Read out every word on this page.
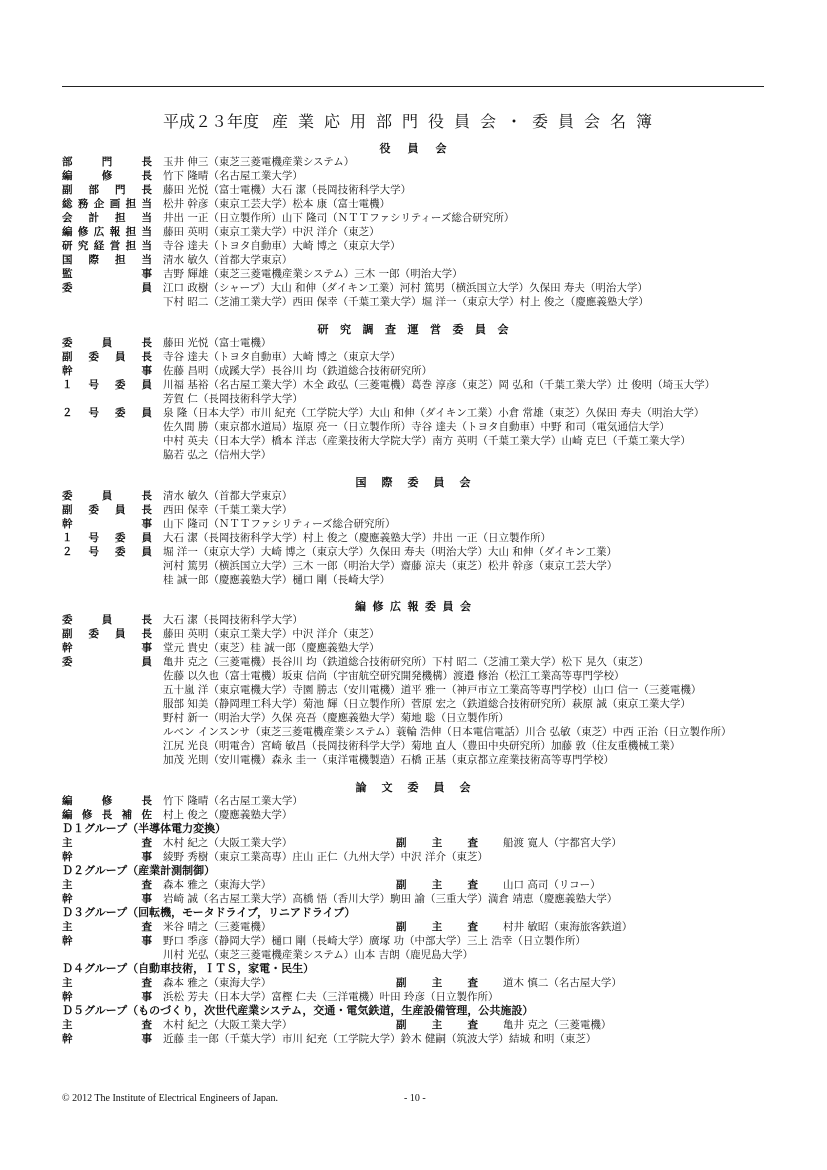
平成２３年度 産業応用部門役員会・委員会名簿
役員会
部門長 玉井 伸三（東芝三菱電機産業システム）
編修長 竹下 隆晴（名古屋工業大学）
副部門長 藤田 光悦（富士電機）大石 潔（長岡技術科学大学）
総務企画担当 松井 幹彦（東京工芸大学）松本 康（富士電機）
会計担当 井出 一正（日立製作所）山下 隆司（ＮＴＴファシリティーズ総合研究所）
編修広報担当 藤田 英明（東京工業大学）中沢 洋介（東芝）
研究経営担当 寺谷 達夫（トヨタ自動車）大崎 博之（東京大学）
国際担当 清水 敏久（首都大学東京）
監事 吉野 輝雄（東芝三菱電機産業システム）三木 一郎（明治大学）
委員 江口 政樹（シャープ）大山 和伸（ダイキン工業）河村 篤男（横浜国立大学）久保田 寿夫（明治大学）
下村 昭二（芝浦工業大学）西田 保幸（千葉工業大学）堀 洋一（東京大学）村上 俊之（慶應義塾大学）
研究調査運営委員会
委員長 藤田 光悦（富士電機）
副委員長 寺谷 達夫（トヨタ自動車）大崎 博之（東京大学）
幹事 佐藤 昌明（成蹊大学）長谷川 均（鉄道総合技術研究所）
１号委員 川福 基裕（名古屋工業大学）木全 政弘（三菱電機）葛巻 淳彦（東芝）岡 弘和（千葉工業大学）辻 俊明（埼玉大学）
芳賀 仁（長岡技術科学大学）
２号委員 泉 隆（日本大学）市川 紀充（工学院大学）大山 和伸（ダイキン工業）小倉 常雄（東芝）久保田 寿夫（明治大学）
佐久間 勝（東京都水道局）塩原 亮一（日立製作所）寺谷 達夫（トヨタ自動車）中野 和司（電気通信大学）
中村 英夫（日本大学）橋本 洋志（産業技術大学院大学）南方 英明（千葉工業大学）山崎 克巳（千葉工業大学）
脇若 弘之（信州大学）
国際委員会
委員長 清水 敏久（首都大学東京）
副委員長 西田 保幸（千葉工業大学）
幹事 山下 隆司（ＮＴＴファシリティーズ総合研究所）
１号委員 大石 潔（長岡技術科学大学）村上 俊之（慶應義塾大学）井出 一正（日立製作所）
２号委員 堀 洋一（東京大学）大崎 博之（東京大学）久保田 寿夫（明治大学）大山 和伸（ダイキン工業）
河村 篤男（横浜国立大学）三木 一郎（明治大学）齋藤 涼夫（東芝）松井 幹彦（東京工芸大学）
桂 誠一郎（慶應義塾大学）樋口 剛（長崎大学）
編修広報委員会
委員長 大石 潔（長岡技術科学大学）
副委員長 藤田 英明（東京工業大学）中沢 洋介（東芝）
幹事 堂元 貴史（東芝）桂 誠一郎（慶應義塾大学）
委員 亀井 克之（三菱電機）長谷川 均（鉄道総合技術研究所）下村 昭二（芝浦工業大学）松下 晃久（東芝）
佐藤 以久也（富士電機）坂東 信尚（宇宙航空研究開発機構）渡邉 修治（松江工業高等専門学校）
五十嵐 洋（東京電機大学）寺園 勝志（安川電機）道平 雅一（神戸市立工業高等専門学校）山口 信一（三菱電機）
服部 知美（静岡理工科大学）菊池 輝（日立製作所）菅原 宏之（鉄道総合技術研究所）萩原 誠（東京工業大学）
野村 新一（明治大学）久保 亮吾（慶應義塾大学）菊地 聡（日立製作所）
ルベン インスンサ（東芝三菱電機産業システム）蓑輪 浩伸（日本電信電話）川合 弘敏（東芝）中西 正治（日立製作所）
江尻 光良（明電舎）宮崎 敏昌（長岡技術科学大学）菊地 直人（豊田中央研究所）加藤 敦（住友重機械工業）
加茂 光則（安川電機）森永 圭一（東洋電機製造）石橋 正基（東京都立産業技術高等専門学校）
論文委員会
編修長 竹下 隆晴（名古屋工業大学）
編修長補佐 村上 俊之（慶應義塾大学）
Ｄ１グループ（半導体電力変換）
主査 木村 紀之（大阪工業大学）	副主査 船渡 寛人（宇都宮大学）
幹事 綾野 秀樹（東京工業高専）庄山 正仁（九州大学）中沢 洋介（東芝）
Ｄ２グループ（産業計測制御）
主査 森本 雅之（東海大学）	副主査 山口 高司（リコー）
幹事 岩崎 誠（名古屋工業大学）高橋 悟（香川大学）駒田 諭（三重大学）満倉 靖恵（慶應義塾大学）
Ｄ３グループ（回転機，モータドライブ，リニアドライブ）
主査 米谷 晴之（三菱電機）	副主査 村井 敏昭（東海旅客鉄道）
幹事 野口 季彦（静岡大学）樋口 剛（長崎大学）廣塚 功（中部大学）三上 浩幸（日立製作所）
川村 光弘（東芝三菱電機産業システム）山本 吉朗（鹿児島大学）
Ｄ４グループ（自動車技術，ＩＴＳ，家電・民生）
主査 森本 雅之（東海大学）	副主査 道木 慎二（名古屋大学）
幹事 浜松 芳夫（日本大学）富樫 仁夫（三洋電機）叶田 玲彦（日立製作所）
Ｄ５グループ（ものづくり，次世代産業システム，交通・電気鉄道，生産設備管理，公共施設）
主査 木村 紀之（大阪工業大学）	副主査 亀井 克之（三菱電機）
幹事 近藤 圭一郎（千葉大学）市川 紀充（工学院大学）鈴木 健嗣（筑波大学）結城 和明（東芝）
© 2012 The Institute of Electrical Engineers of Japan.	- 10 -
